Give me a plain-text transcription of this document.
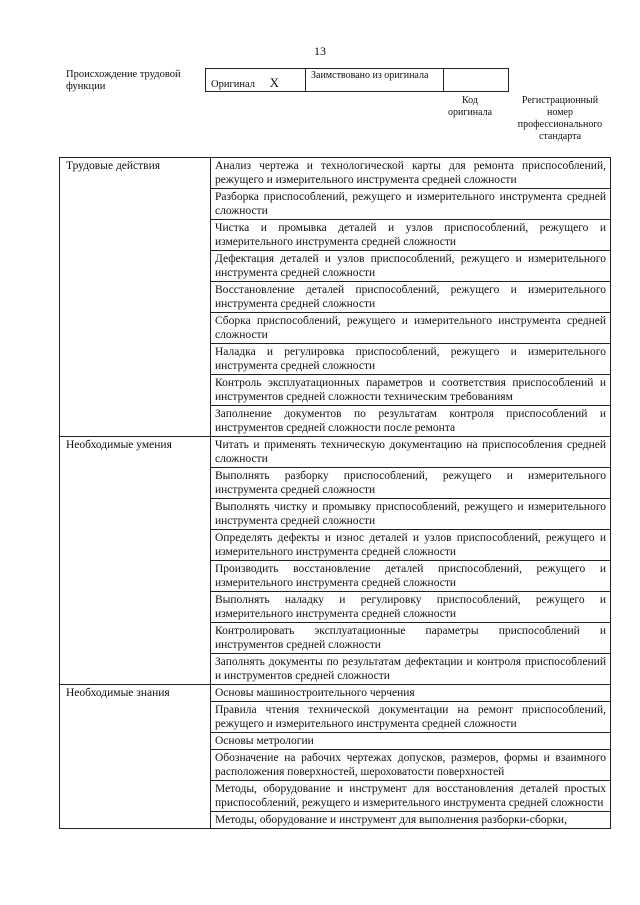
13
Происхождение трудовой функции	Оригинал X	Заимствовано из оригинала
Код оригинала
Регистрационный номер профессионального стандарта
Трудовые действия	Анализ чертежа и технологической карты для ремонта приспособлений, режущего и измерительного инструмента средней сложности
	Разборка приспособлений, режущего и измерительного инструмента средней сложности
	Чистка и промывка деталей и узлов приспособлений, режущего и измерительного инструмента средней сложности
	Дефектация деталей и узлов приспособлений, режущего и измерительного инструмента средней сложности
	Восстановление деталей приспособлений, режущего и измерительного инструмента средней сложности
	Сборка приспособлений, режущего и измерительного инструмента средней сложности
	Наладка и регулировка приспособлений, режущего и измерительного инструмента средней сложности
	Контроль эксплуатационных параметров и соответствия приспособлений и инструментов средней сложности техническим требованиям
	Заполнение документов по результатам контроля приспособлений и инструментов средней сложности после ремонта
Необходимые умения	Читать и применять техническую документацию на приспособления средней сложности
	Выполнять разборку приспособлений, режущего и измерительного инструмента средней сложности
	Выполнять чистку и промывку приспособлений, режущего и измерительного инструмента средней сложности
	Определять дефекты и износ деталей и узлов приспособлений, режущего и измерительного инструмента средней сложности
	Производить восстановление деталей приспособлений, режущего и измерительного инструмента средней сложности
	Выполнять наладку и регулировку приспособлений, режущего и измерительного инструмента средней сложности
	Контролировать эксплуатационные параметры приспособлений и инструментов средней сложности
	Заполнять документы по результатам дефектации и контроля приспособлений и инструментов средней сложности
Необходимые знания	Основы машиностроительного черчения
	Правила чтения технической документации на ремонт приспособлений, режущего и измерительного инструмента средней сложности
	Основы метрологии
	Обозначение на рабочих чертежах допусков, размеров, формы и взаимного расположения поверхностей, шероховатости поверхностей
	Методы, оборудование и инструмент для восстановления деталей простых приспособлений, режущего и измерительного инструмента средней сложности
	Методы, оборудование и инструмент для выполнения разборки-сборки,
